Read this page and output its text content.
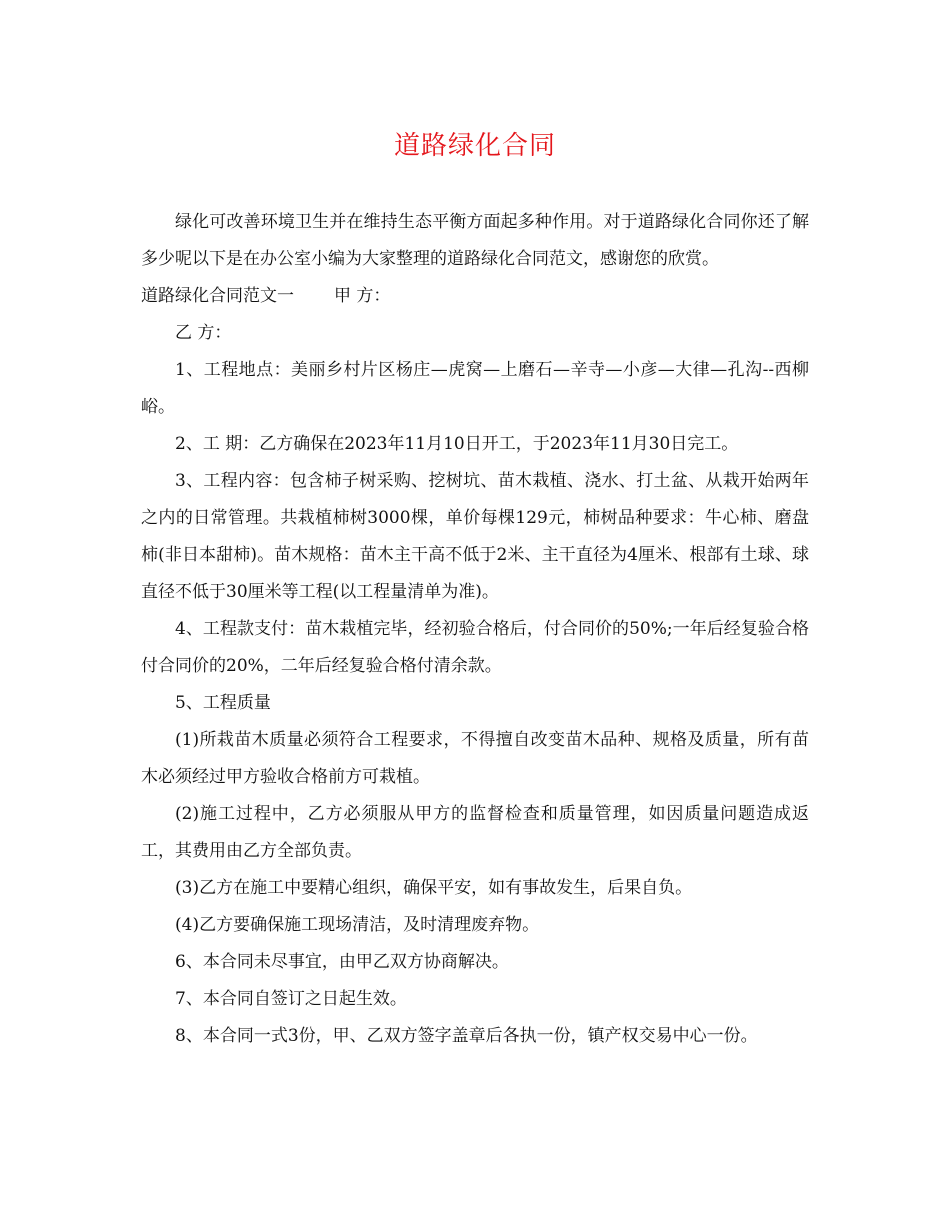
道路绿化合同

绿化可改善环境卫生并在维持生态平衡方面起多种作用。对于道路绿化合同你还了解多少呢以下是在办公室小编为大家整理的道路绿化合同范文，感谢您的欣赏。

道路绿化合同范文一 甲 方：

乙 方：

1、工程地点：美丽乡村片区杨庄—虎窝—上磨石—辛寺—小彦—大律—孔沟--西柳峪。

2、工 期：乙方确保在2023年11月10日开工，于2023年11月30日完工。

3、工程内容：包含柿子树采购、挖树坑、苗木栽植、浇水、打土盆、从栽开始两年之内的日常管理。共栽植柿树3000棵，单价每棵129元，柿树品种要求：牛心柿、磨盘柿(非日本甜柿)。苗木规格：苗木主干高不低于2米、主干直径为4厘米、根部有土球、球直径不低于30厘米等工程(以工程量清单为准)。

4、工程款支付：苗木栽植完毕，经初验合格后，付合同价的50%;一年后经复验合格付合同价的20%，二年后经复验合格付清余款。

5、工程质量

(1)所栽苗木质量必须符合工程要求，不得擅自改变苗木品种、规格及质量，所有苗木必须经过甲方验收合格前方可栽植。

(2)施工过程中，乙方必须服从甲方的监督检查和质量管理，如因质量问题造成返工，其费用由乙方全部负责。

(3)乙方在施工中要精心组织，确保平安，如有事故发生，后果自负。

(4)乙方要确保施工现场清洁，及时清理废弃物。

6、本合同未尽事宜，由甲乙双方协商解决。

7、本合同自签订之日起生效。

8、本合同一式3份，甲、乙双方签字盖章后各执一份，镇产权交易中心一份。
